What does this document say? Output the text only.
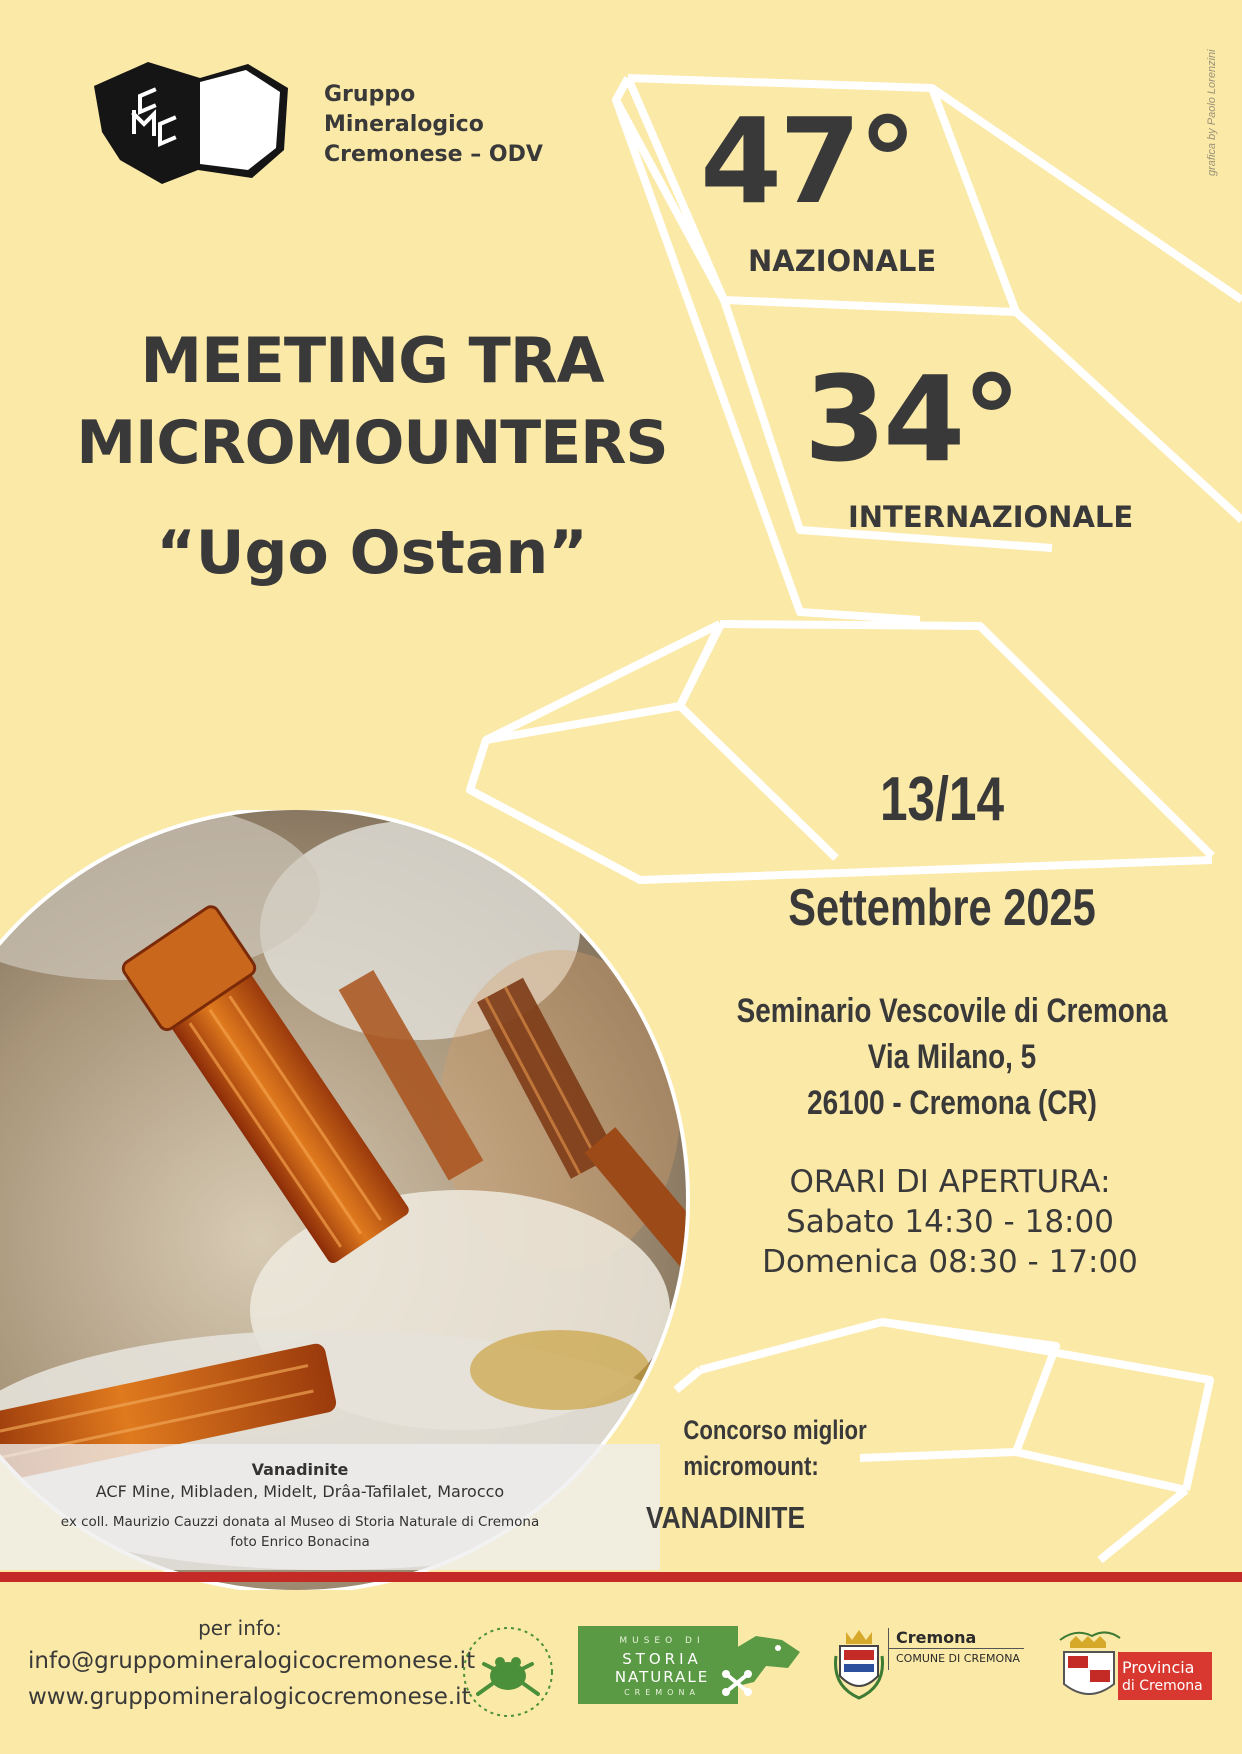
grafica by Paolo Lorenzini
Gruppo
Mineralogico
Cremonese – ODV 47°
NAZIONALE
34°
INTERNAZIONALE
MEETING TRA
MICROMOUNTERS
“Ugo Ostan”
13/14
Settembre 2025
Seminario Vescovile di Cremona
Via Milano, 5
26100 - Cremona (CR)
ORARI DI APERTURA:
Sabato 14:30 - 18:00
Domenica 08:30 - 17:00
Vanadinite
ACF Mine, Mibladen, Midelt, Drâa-Tafilalet, Marocco
ex coll. Maurizio Cauzzi donata al Museo di Storia Naturale di Cremona
foto Enrico Bonacina
Concorso miglior micromount:
VANADINITE
per info:
info@gruppomineralogicocremonese.it
www.gruppomineralogicocremonese.it
MUSEO DI
STORIA
NATURALE
CREMONA
Cremona
COMUNE DI CREMONA	Provincia
di Cremona
